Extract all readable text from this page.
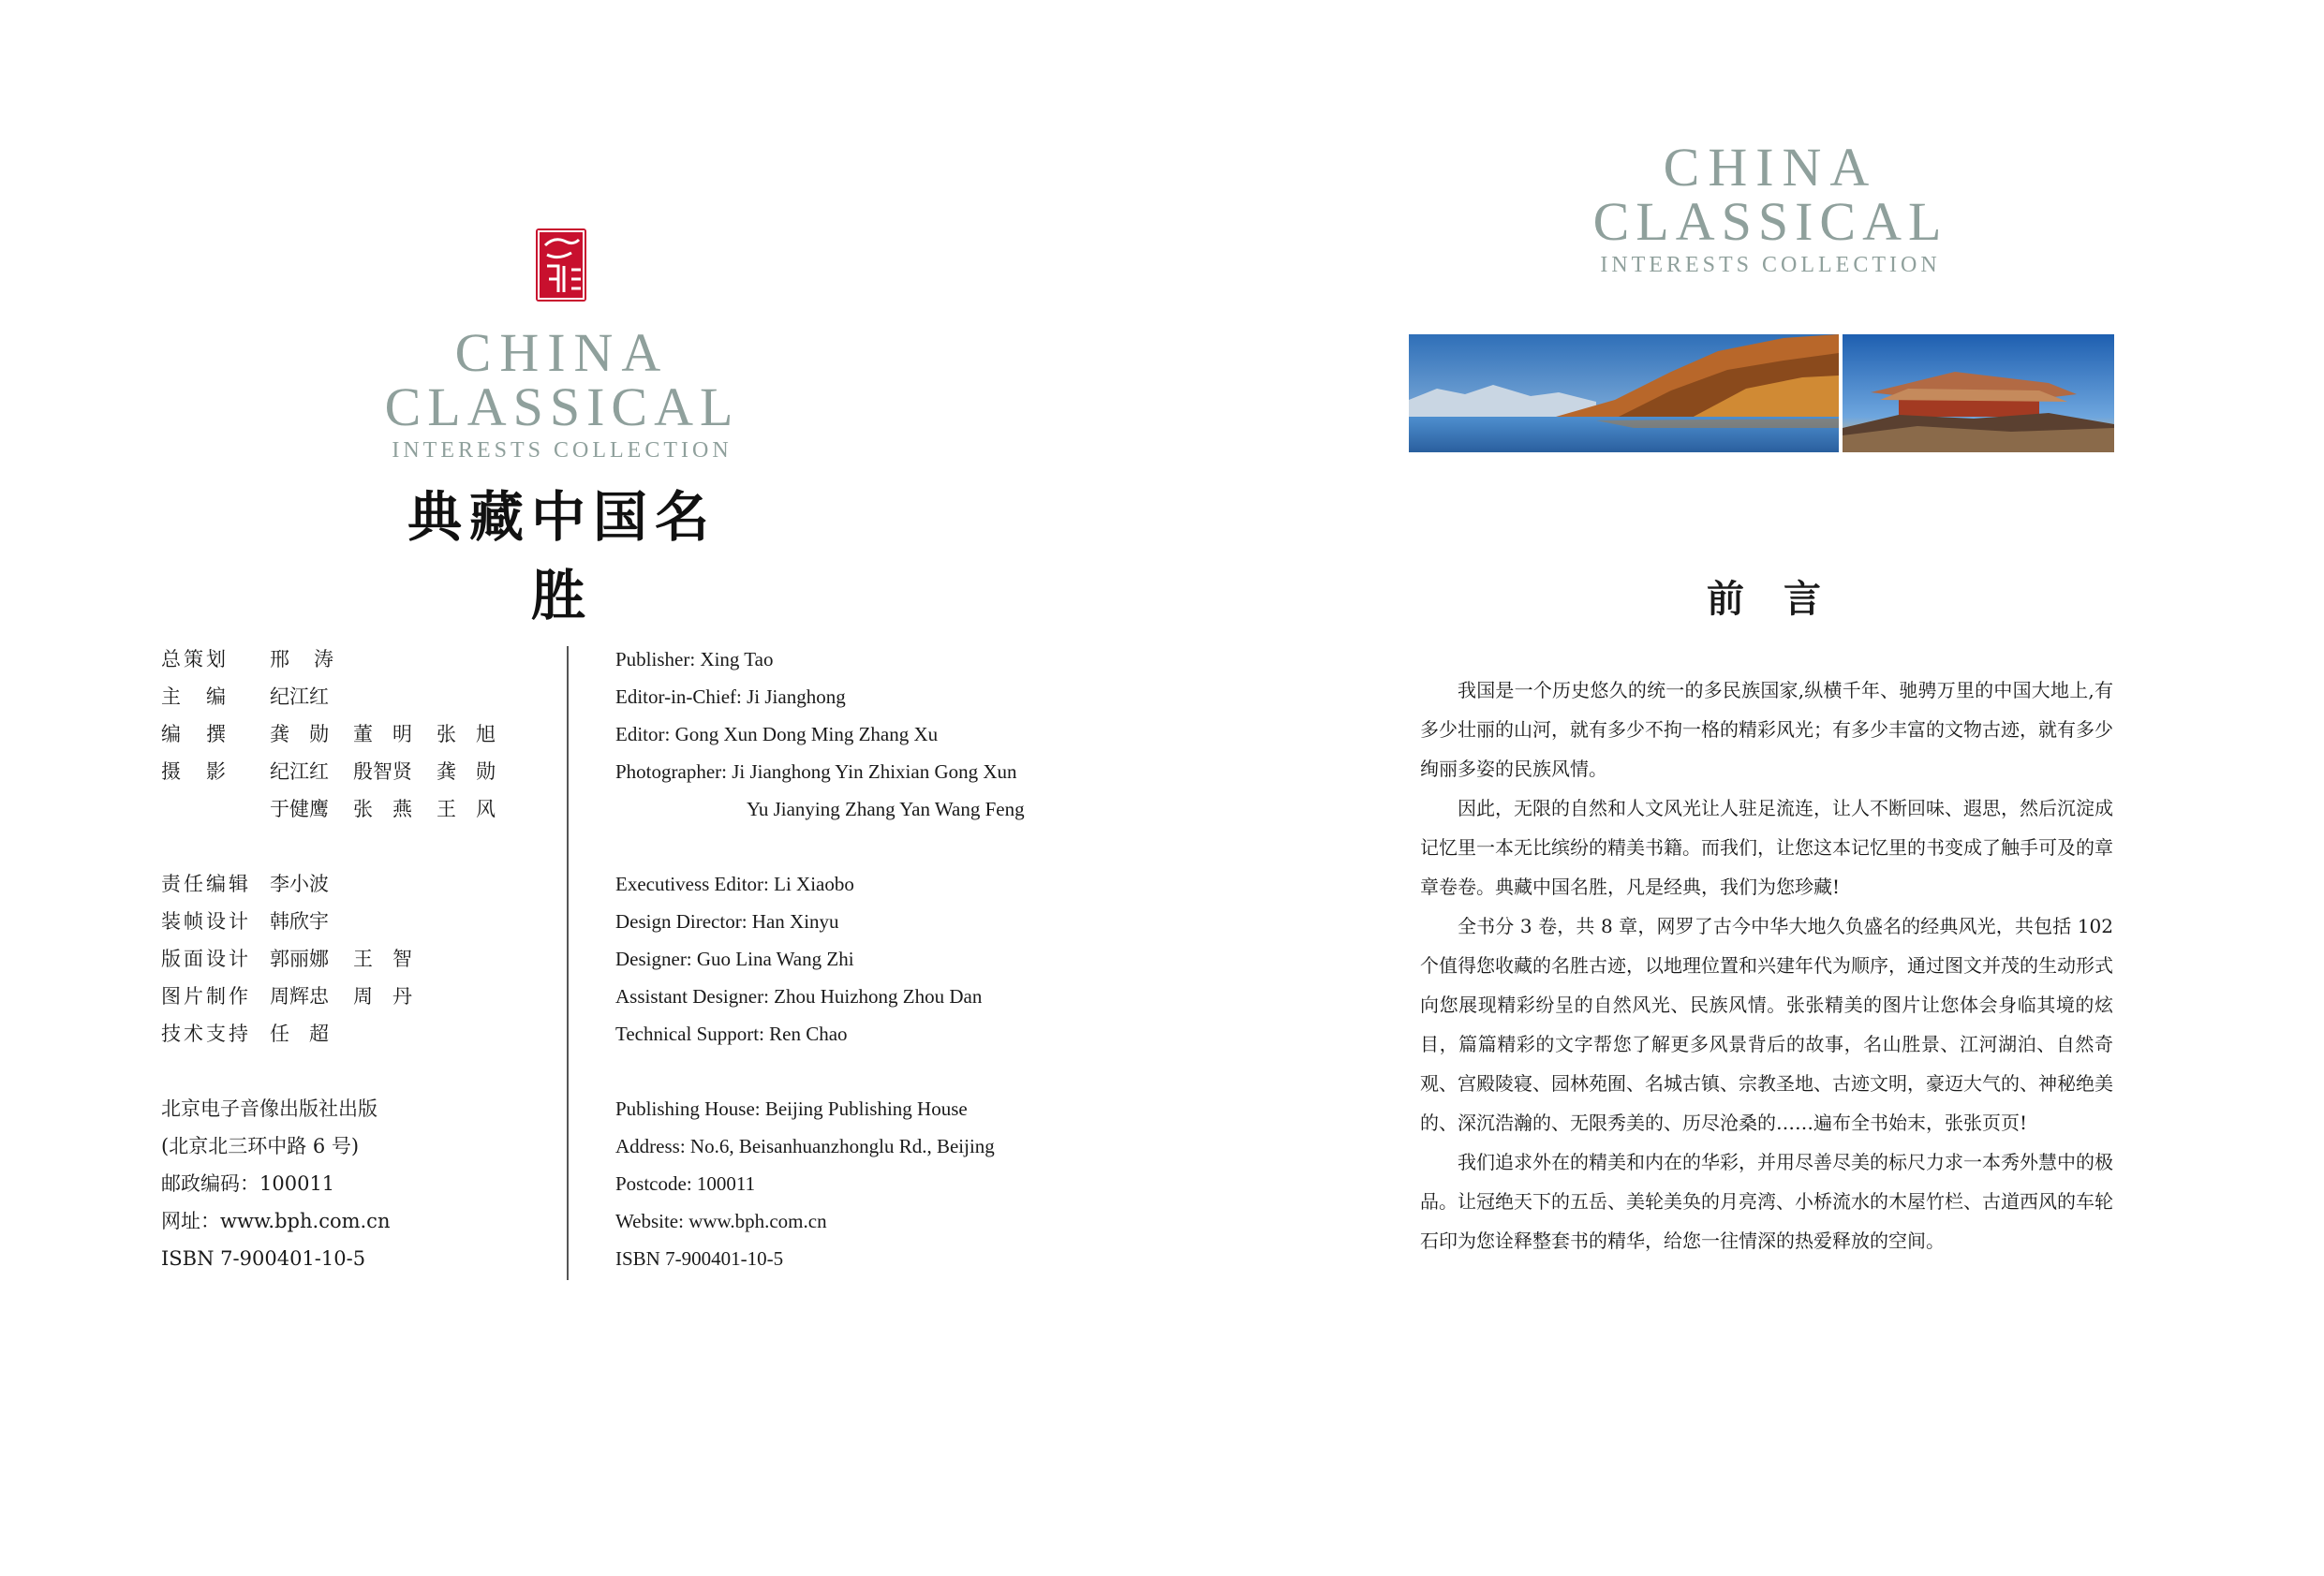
CHINA
CLASSICAL
INTERESTS COLLECTION
典藏中国名胜
总策划	邢 涛
主　编	纪江红
编　撰	龚　勋 董　明 张　旭
摄　影	纪江红 殷智贤 龚　勋
于健鹰 张　燕 王　风
责任编辑 李小波
装帧设计 韩欣宇
版面设计 郭丽娜 王　智
图片制作 周辉忠 周　丹
技术支持 任　超
Publisher: Xing Tao
Editor-in-Chief: Ji Jianghong
Editor: Gong Xun Dong Ming Zhang Xu
Photographer: Ji Jianghong Yin Zhixian Gong Xun
Yu Jianying Zhang Yan Wang Feng
Executivess Editor: Li Xiaobo
Design Director: Han Xinyu
Designer: Guo Lina Wang Zhi
Assistant Designer: Zhou Huizhong Zhou Dan
Technical Support: Ren Chao
北京电子音像出版社出版
(北京北三环中路 6 号)
邮政编码：100011
网址：www.bph.com.cn
ISBN 7-900401-10-5
Publishing House: Beijing Publishing House
Address: No.6, Beisanhuanzhonglu Rd., Beijing
Postcode: 100011
Website: www.bph.com.cn
ISBN 7-900401-10-5
CHINA
CLASSICAL
INTERESTS COLLECTION
前 言

我国是一个历史悠久的统一的多民族国家,纵横千年、驰骋万里的中国大地上,有多少壮丽的山河，就有多少不拘一格的精彩风光；有多少丰富的文物古迹，就有多少绚丽多姿的民族风情。

因此，无限的自然和人文风光让人驻足流连，让人不断回味、遐思，然后沉淀成记忆里一本无比缤纷的精美书籍。而我们，让您这本记忆里的书变成了触手可及的章章卷卷。典藏中国名胜，凡是经典，我们为您珍藏!

全书分 3 卷，共 8 章，网罗了古今中华大地久负盛名的经典风光，共包括 102 个值得您收藏的名胜古迹，以地理位置和兴建年代为顺序，通过图文并茂的生动形式向您展现精彩纷呈的自然风光、民族风情。张张精美的图片让您体会身临其境的炫目，篇篇精彩的文字帮您了解更多风景背后的故事，名山胜景、江河湖泊、自然奇观、宫殿陵寝、园林苑囿、名城古镇、宗教圣地、古迹文明，豪迈大气的、神秘绝美的、深沉浩瀚的、无限秀美的、历尽沧桑的……遍布全书始末，张张页页!

我们追求外在的精美和内在的华彩，并用尽善尽美的标尺力求一本秀外慧中的极品。让冠绝天下的五岳、美轮美奂的月亮湾、小桥流水的木屋竹栏、古道西风的车轮石印为您诠释整套书的精华，给您一往情深的热爱释放的空间。
